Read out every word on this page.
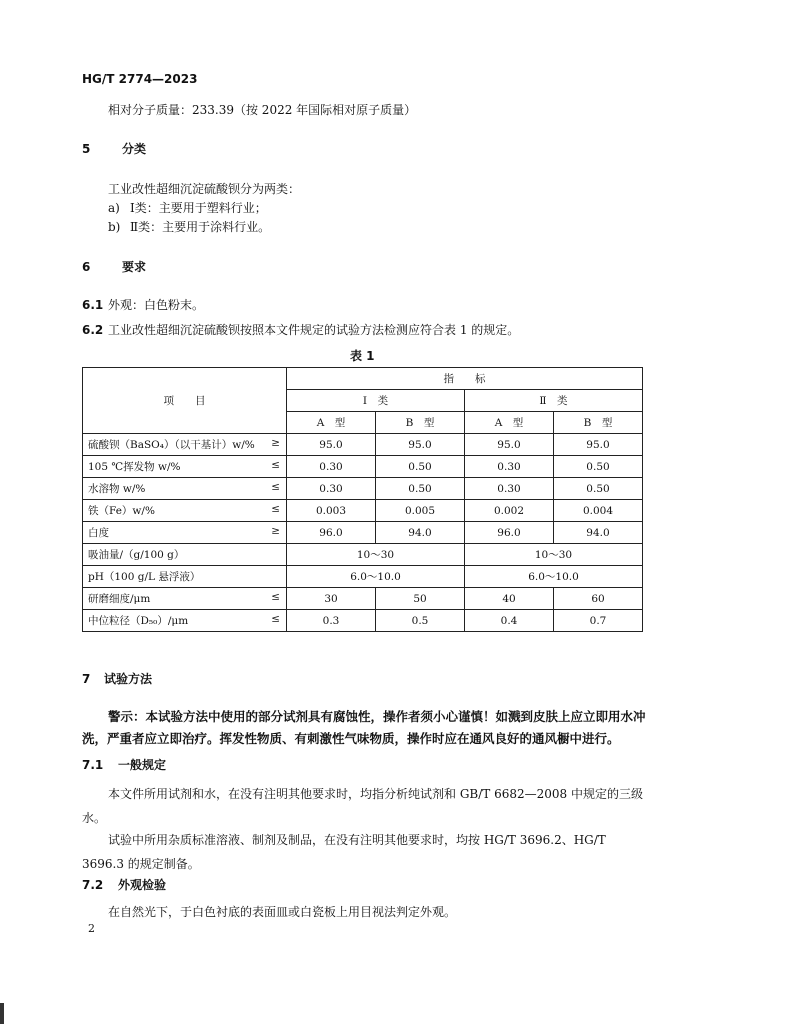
HG/T 2774—2023
相对分子质量：233.39（按 2022 年国际相对原子质量）
5	分类
工业改性超细沉淀硫酸钡分为两类：
a) Ⅰ类：主要用于塑料行业；
b) Ⅱ类：主要用于涂料行业。
6	要求
6.1 外观：白色粉末。
6.2 工业改性超细沉淀硫酸钡按照本文件规定的试验方法检测应符合表 1 的规定。
表 1
项　　目	指　　标			
	Ⅰ　类		Ⅱ　类	
	A　型	B　型	A　型	B　型
硫酸钡（BaSO₄）（以干基计）w/% ≥	95.0	95.0	95.0	95.0
105 ℃挥发物 w/% ≤	0.30	0.50	0.30	0.50
水溶物 w/% ≤	0.30	0.50	0.30	0.50
铁（Fe）w/% ≤	0.003	0.005	0.002	0.004
白度 ≥	96.0	94.0	96.0	94.0
吸油量/（g/100 g）	10～30		10～30	
pH（100 g/L 悬浮液）	6.0～10.0		6.0～10.0	
研磨细度/μm ≤	30	50	40	60
中位粒径（D₅₀）/μm ≤	0.3	0.5	0.4	0.7
7 试验方法
警示：本试验方法中使用的部分试剂具有腐蚀性，操作者须小心谨慎！如溅到皮肤上应立即用水冲洗，严重者应立即治疗。挥发性物质、有刺激性气味物质，操作时应在通风良好的通风橱中进行。
7.1 一般规定
本文件所用试剂和水，在没有注明其他要求时，均指分析纯试剂和 GB/T 6682—2008 中规定的三级水。
试验中所用杂质标准溶液、制剂及制品，在没有注明其他要求时，均按 HG/T 3696.2、HG/T 3696.3 的规定制备。
7.2 外观检验
在自然光下，于白色衬底的表面皿或白瓷板上用目视法判定外观。
2
